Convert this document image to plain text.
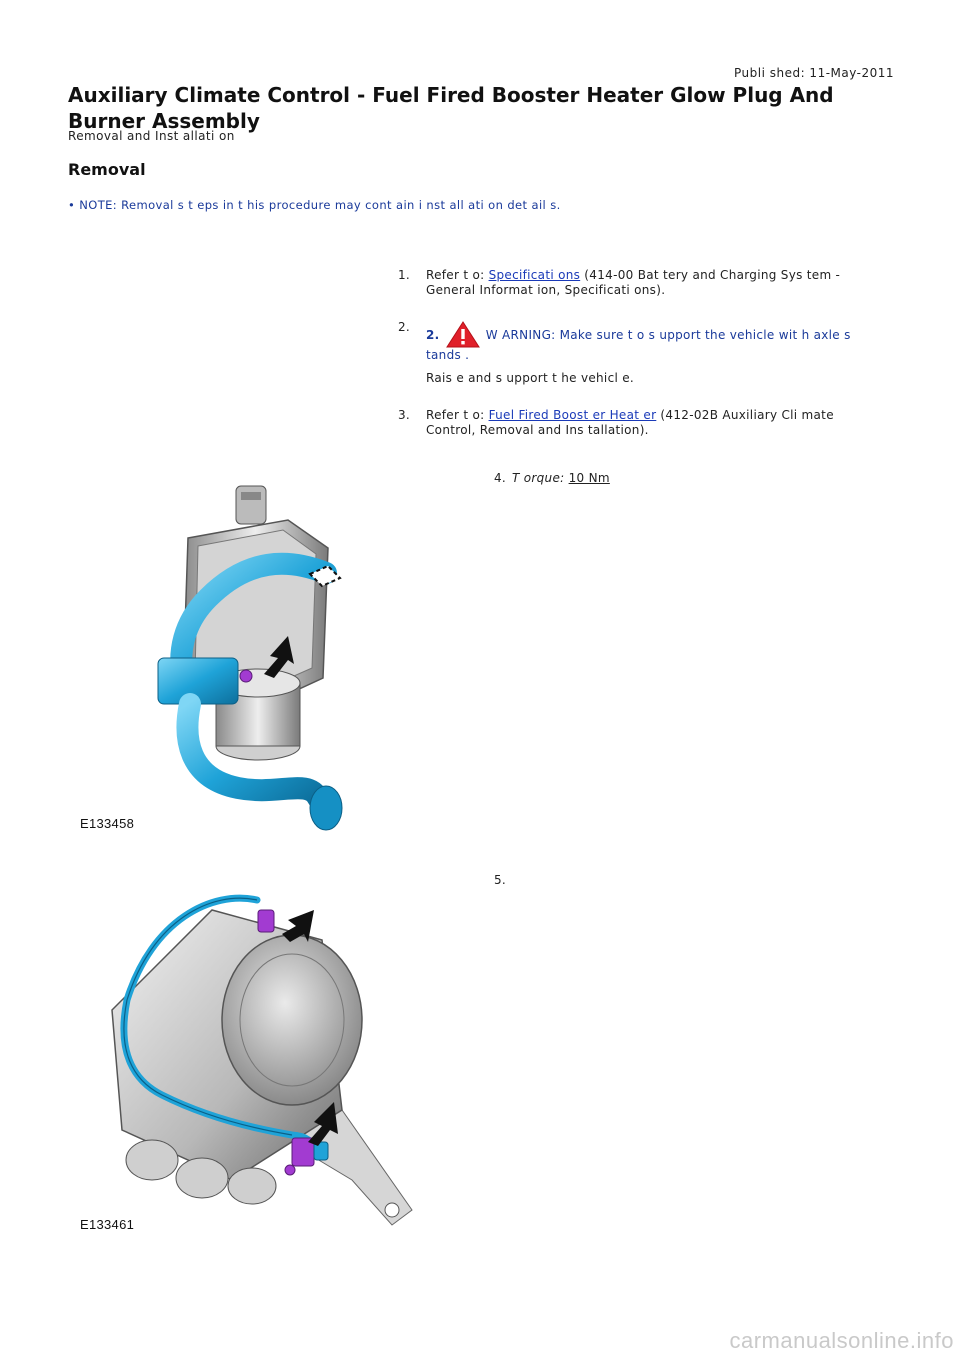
Publi shed: 11-May-2011
Auxiliary Climate Control - Fuel Fired Booster Heater Glow Plug And Burner Assembly
Removal and Inst allati on
Removal
• NOTE: Removal s t eps in t his procedure may cont ain i nst all ati on det ail s.
1.	Refer t o: Specificati ons (414-00 Bat tery and Charging Sys tem - General Informat ion, Specificati ons).
2.
2.	W ARNING: Make sure t o s upport the vehicle wit h axle s tands .
Rais e and s upport t he vehicl e.
3.	Refer t o: Fuel Fired Boost er Heat er (412-02B Auxiliary Cli mate Control, Removal and Ins tallation).
4. T orque: 10 Nm
E133458
5.
E133461
carmanualsonline.info
